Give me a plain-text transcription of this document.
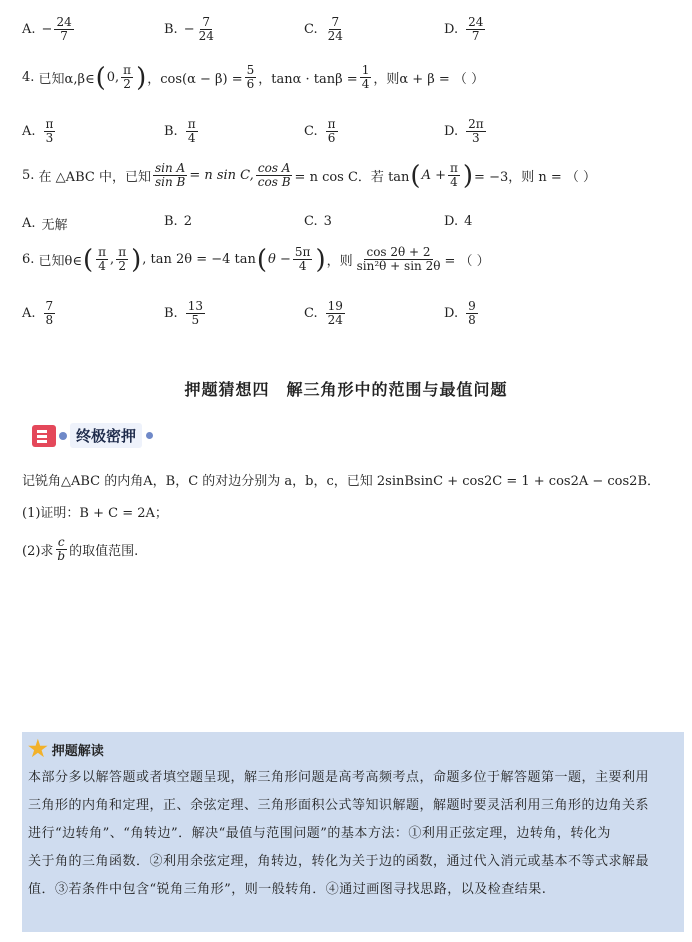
A. − $\frac{24}{7}$	B. − $\frac{7}{24}$	C. $\frac{7}{24}$	D. $\frac{24}{7}$
4.
已知α,β∈ ( 0, $\frac{\pi}{2}$ ) ，$\cos(\alpha - \beta) = \frac{5}{6}$ ，$\tan\alpha \cdot \tan\beta = \frac{1}{4}$ ，则α + β = （ ）
A. $\frac{\pi}{3}$	B. $\frac{\pi}{4}$	C. $\frac{\pi}{6}$	D. $\frac{2\pi}{3}$
5.
在 △ABC 中，已知 $\frac{\text{sin A}}{\text{sin B}} = n$ sin C, $\frac{\text{cos A}}{\text{cos B}} = n$ cos C．若 tan ( $A + \frac{\pi}{4}$ ) = −3，则 n = （ ）
A. 无解	B. 2	C. 3	D. 4
6.
已知θ∈ ( $\frac{\pi}{4}$ , $\frac{\pi}{2}$ ) , tan 2θ = −4 tan ( $\theta - \frac{5\pi}{4}$ ) ，则 $\frac{\cos 2\theta + 2}{\text{sin²θ + sin 2θ}}$ = （ ）
A. $\frac{7}{8}$	B. $\frac{13}{5}$	C. $\frac{19}{24}$	D. $\frac{9}{8}$
押题猜想四　解三角形中的范围与最值问题
终极密押
记锐角△ABC 的内角A，B，C 的对边分别为 a，b，c，已知 2sinBsinC + cos2C = 1 + cos2A − cos2B．
(1)证明：B + C = 2A；
(2)求 $\frac{c}{b}$ 的取值范围.
★ 押题解读
本部分多以解答题或者填空题呈现，解三角形问题是高考高频考点，命题多位于解答题第一题，主要利用
三角形的内角和定理，正、余弦定理、三角形面积公式等知识解题，解题时要灵活利用三角形的边角关系
进行“边转角”、“角转边”．解决“最值与范围问题”的基本方法：①利用正弦定理，边转角，转化为
关于角的三角函数．②利用余弦定理，角转边，转化为关于边的函数，通过代入消元或基本不等式求解最
值．③若条件中包含“锐角三角形”，则一般转角．④通过画图寻找思路，以及检查结果.
